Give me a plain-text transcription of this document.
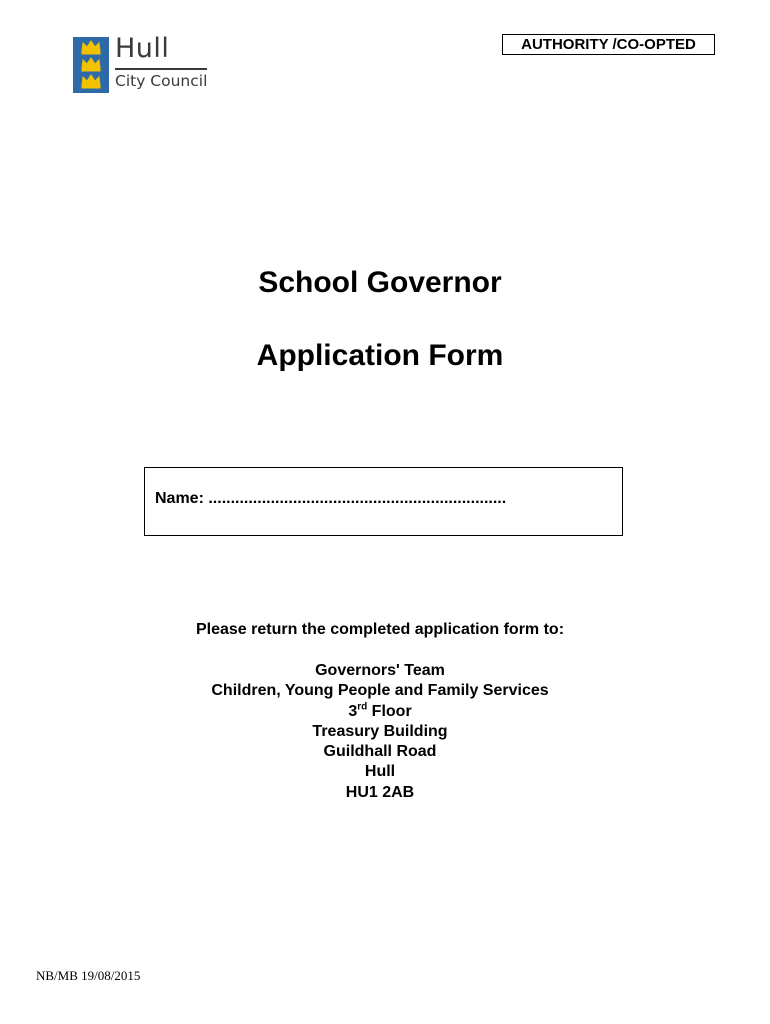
Hull
City Council
AUTHORITY /CO-OPTED
School Governor
Application Form
Name: ...................................................................
Please return the completed application form to:
Governors' Team
Children, Young People and Family Services
3rd Floor
Treasury Building
Guildhall Road
Hull
HU1 2AB
NB/MB 19/08/2015
